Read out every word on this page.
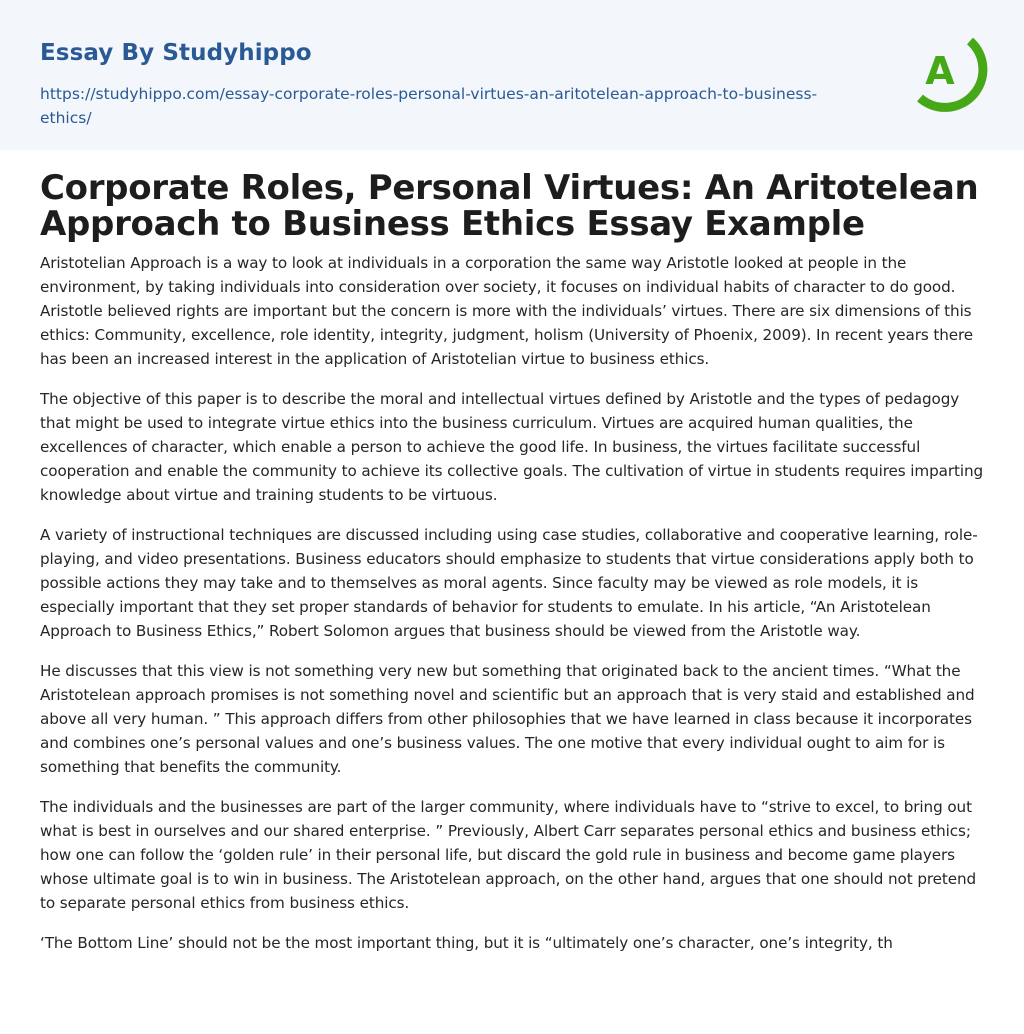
Essay By Studyhippo
https://studyhippo.com/essay-corporate-roles-personal-virtues-an-aritotelean-approach-to-business-ethics/
A
Corporate Roles, Personal Virtues: An Aritotelean Approach to Business Ethics Essay Example

Aristotelian Approach is a way to look at individuals in a corporation the same way Aristotle looked at people in the environment, by taking individuals into consideration over society, it focuses on individual habits of character to do good. Aristotle believed rights are important but the concern is more with the individuals’ virtues. There are six dimensions of this ethics: Community, excellence, role identity, integrity, judgment, holism (University of Phoenix, 2009). In recent years there has been an increased interest in the application of Aristotelian virtue to business ethics.

The objective of this paper is to describe the moral and intellectual virtues defined by Aristotle and the types of pedagogy that might be used to integrate virtue ethics into the business curriculum. Virtues are acquired human qualities, the excellences of character, which enable a person to achieve the good life. In business, the virtues facilitate successful cooperation and enable the community to achieve its collective goals. The cultivation of virtue in students requires imparting knowledge about virtue and training students to be virtuous.

A variety of instructional techniques are discussed including using case studies, collaborative and cooperative learning, role-playing, and video presentations. Business educators should emphasize to students that virtue considerations apply both to possible actions they may take and to themselves as moral agents. Since faculty may be viewed as role models, it is especially important that they set proper standards of behavior for students to emulate. In his article, “An Aristotelean Approach to Business Ethics,” Robert Solomon argues that business should be viewed from the Aristotle way.

He discusses that this view is not something very new but something that originated back to the ancient times. “What the Aristotelean approach promises is not something novel and scientific but an approach that is very staid and established and above all very human. ” This approach differs from other philosophies that we have learned in class because it incorporates and combines one’s personal values and one’s business values. The one motive that every individual ought to aim for is something that benefits the community.

The individuals and the businesses are part of the larger community, where individuals have to “strive to excel, to bring out what is best in ourselves and our shared enterprise. ” Previously, Albert Carr separates personal ethics and business ethics; how one can follow the ‘golden rule’ in their personal life, but discard the gold rule in business and become game players whose ultimate goal is to win in business. The Aristotelean approach, on the other hand, argues that one should not pretend to separate personal ethics from business ethics.

‘The Bottom Line’ should not be the most important thing, but it is “ultimately one’s character, one’s integrity, th
